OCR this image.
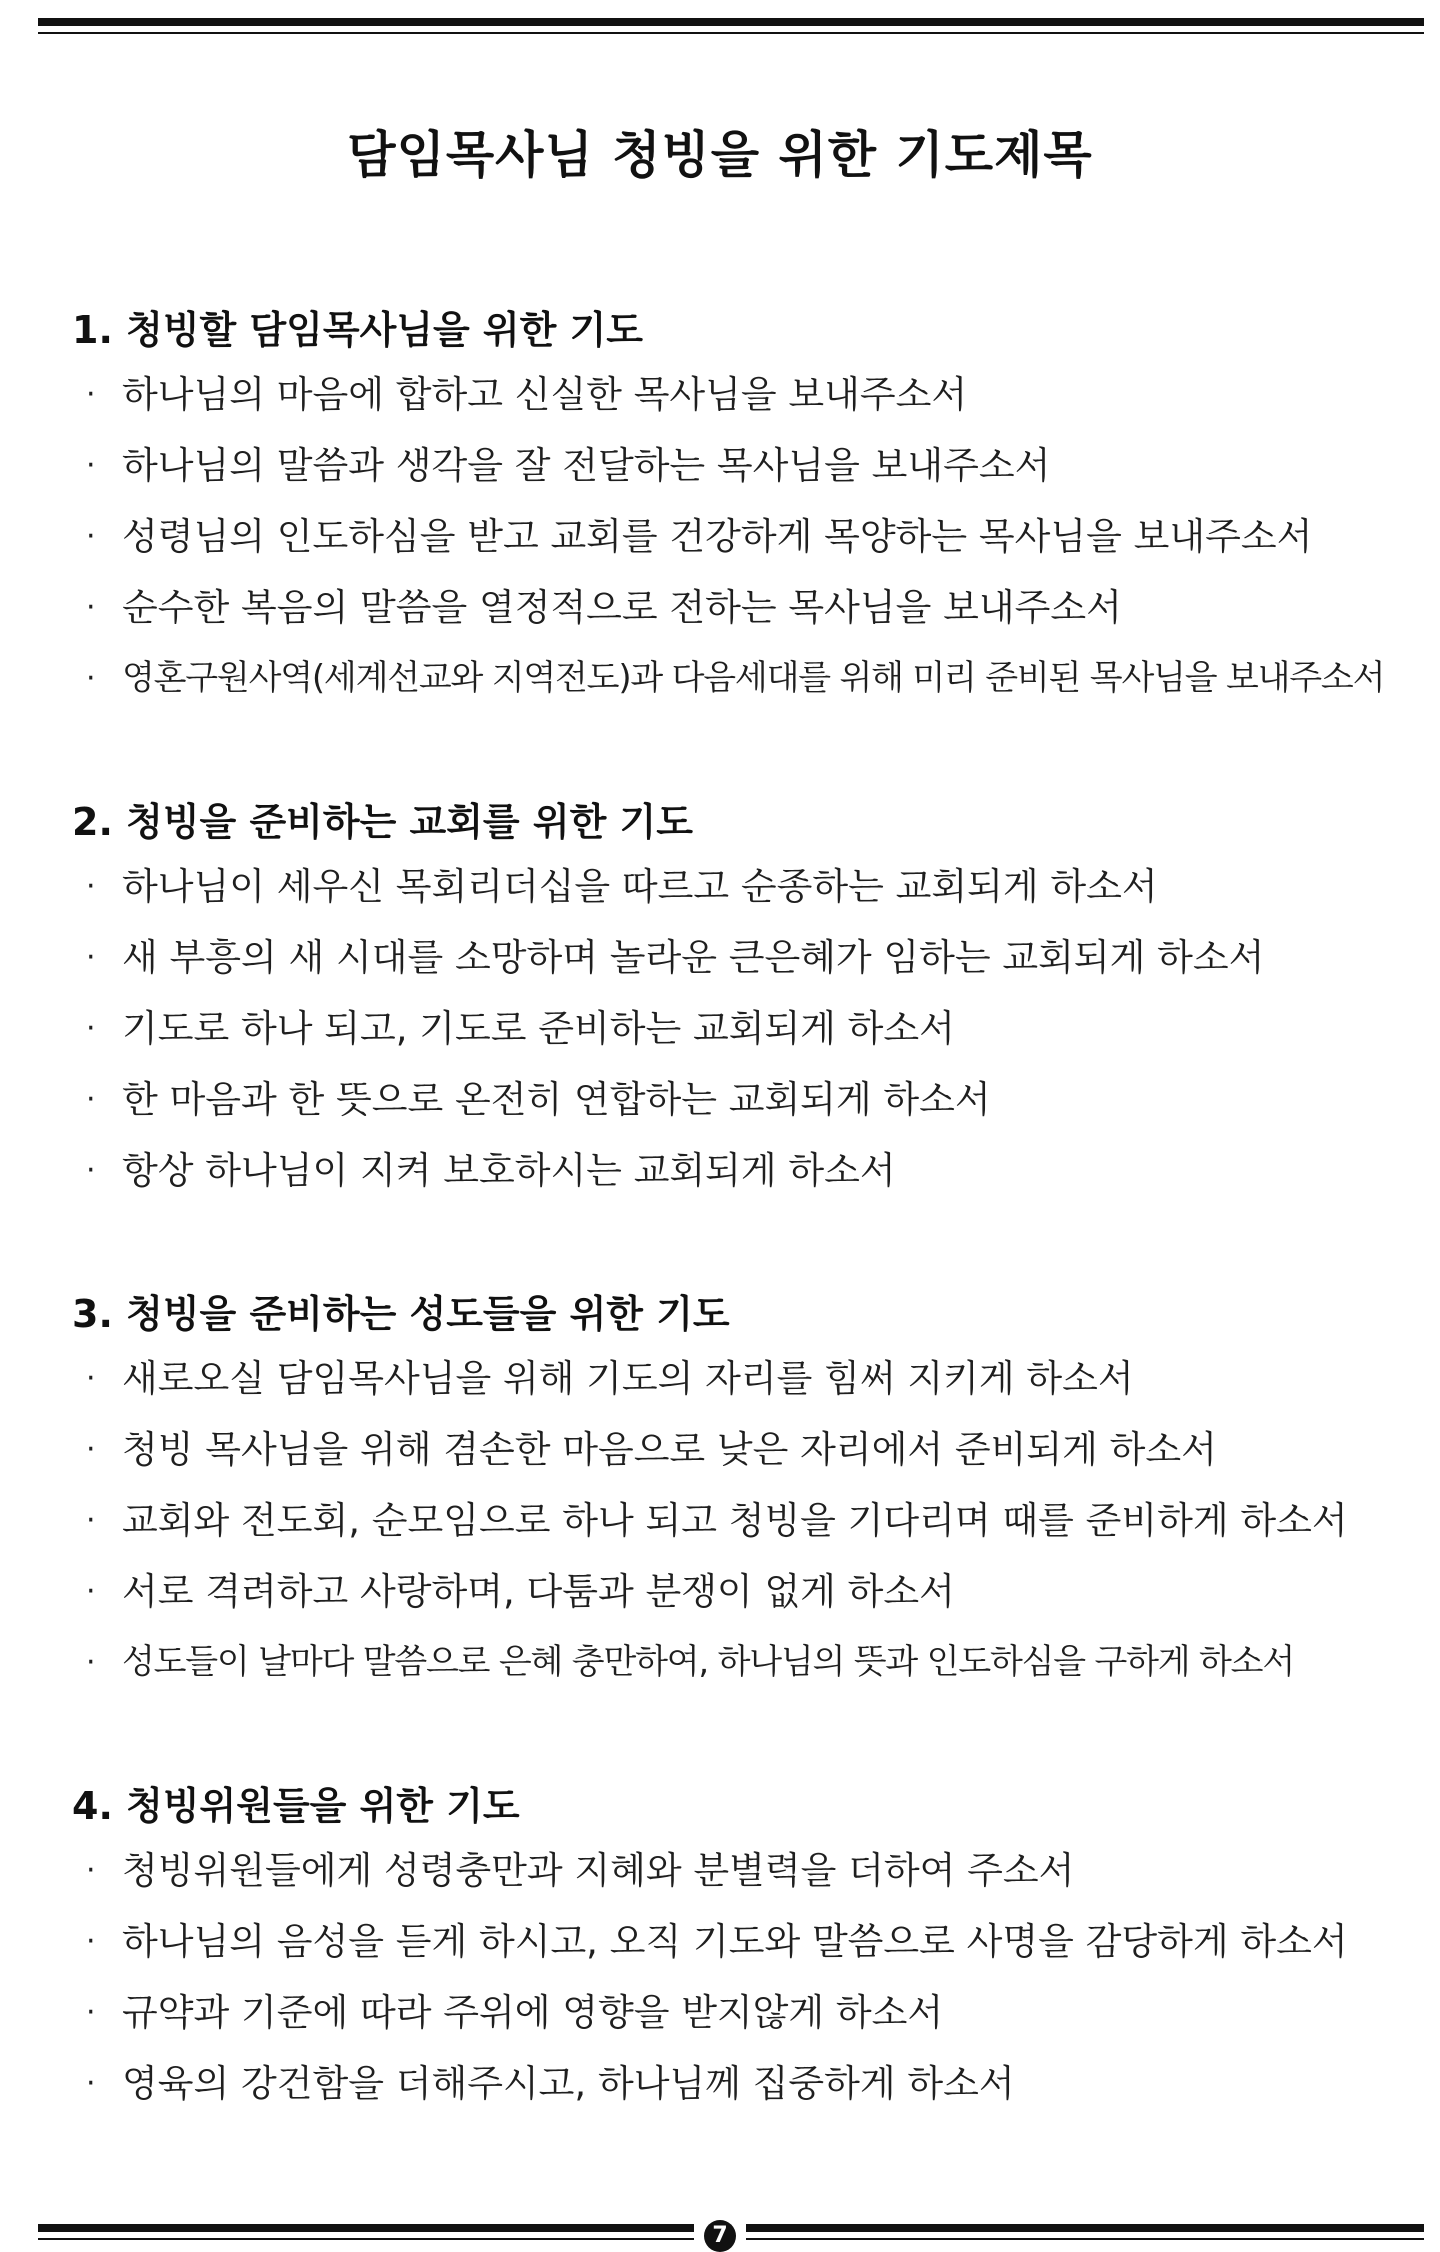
담임목사님 청빙을 위한 기도제목
1. 청빙할 담임목사님을 위한 기도
· 하나님의 마음에 합하고 신실한 목사님을 보내주소서
· 하나님의 말씀과 생각을 잘 전달하는 목사님을 보내주소서
· 성령님의 인도하심을 받고 교회를 건강하게 목양하는 목사님을 보내주소서
· 순수한 복음의 말씀을 열정적으로 전하는 목사님을 보내주소서
· 영혼구원사역(세계선교와 지역전도)과 다음세대를 위해 미리 준비된 목사님을 보내주소서
2. 청빙을 준비하는 교회를 위한 기도
· 하나님이 세우신 목회리더십을 따르고 순종하는 교회되게 하소서
· 새 부흥의 새 시대를 소망하며 놀라운 큰은혜가 임하는 교회되게 하소서
· 기도로 하나 되고, 기도로 준비하는 교회되게 하소서
· 한 마음과 한 뜻으로 온전히 연합하는 교회되게 하소서
· 항상 하나님이 지켜 보호하시는 교회되게 하소서
3. 청빙을 준비하는 성도들을 위한 기도
· 새로오실 담임목사님을 위해 기도의 자리를 힘써 지키게 하소서
· 청빙 목사님을 위해 겸손한 마음으로 낮은 자리에서 준비되게 하소서
· 교회와 전도회, 순모임으로 하나 되고 청빙을 기다리며 때를 준비하게 하소서
· 서로 격려하고 사랑하며, 다툼과 분쟁이 없게 하소서
· 성도들이 날마다 말씀으로 은혜 충만하여, 하나님의 뜻과 인도하심을 구하게 하소서
4. 청빙위원들을 위한 기도
· 청빙위원들에게 성령충만과 지혜와 분별력을 더하여 주소서
· 하나님의 음성을 듣게 하시고, 오직 기도와 말씀으로 사명을 감당하게 하소서
· 규약과 기준에 따라 주위에 영향을 받지않게 하소서
· 영육의 강건함을 더해주시고, 하나님께 집중하게 하소서
7
